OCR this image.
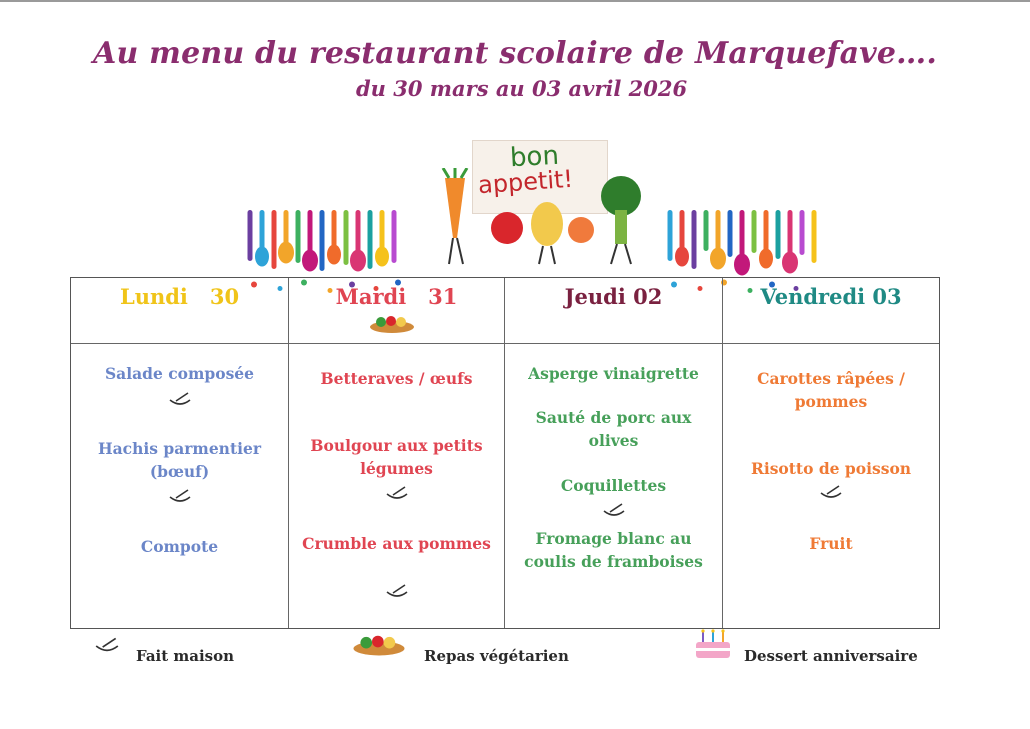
Au menu du restaurant scolaire de Marquefave….
du 30 mars au 03 avril 2026
bon
appetit!
Lundi   30
Salade composée
Hachis parmentier (bœuf)
Compote
Mardi   31
Betteraves / œufs
Boulgour aux petits légumes
Crumble aux pommes
Jeudi 02
Asperge vinaigrette
Sauté de porc aux olives
Coquillettes
Fromage blanc au coulis de framboises
Vendredi 03
Carottes râpées / pommes
Risotto de poisson
Fruit
Fait maison	Repas végétarien	Dessert anniversaire
